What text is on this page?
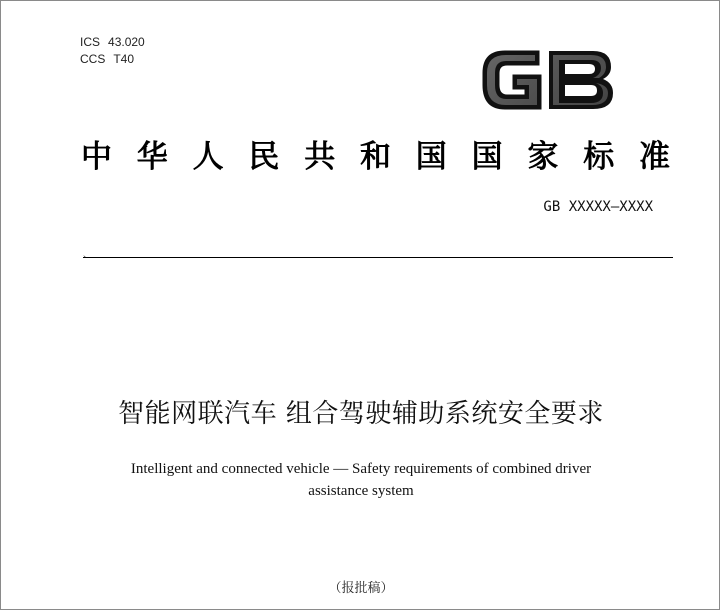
ICS 43.020
CCS T40
中华人民共和国国家标准
GB XXXXX—XXXX
、
智能网联汽车 组合驾驶辅助系统安全要求
Intelligent and connected vehicle — Safety requirements of combined driver
assistance system
（报批稿）
